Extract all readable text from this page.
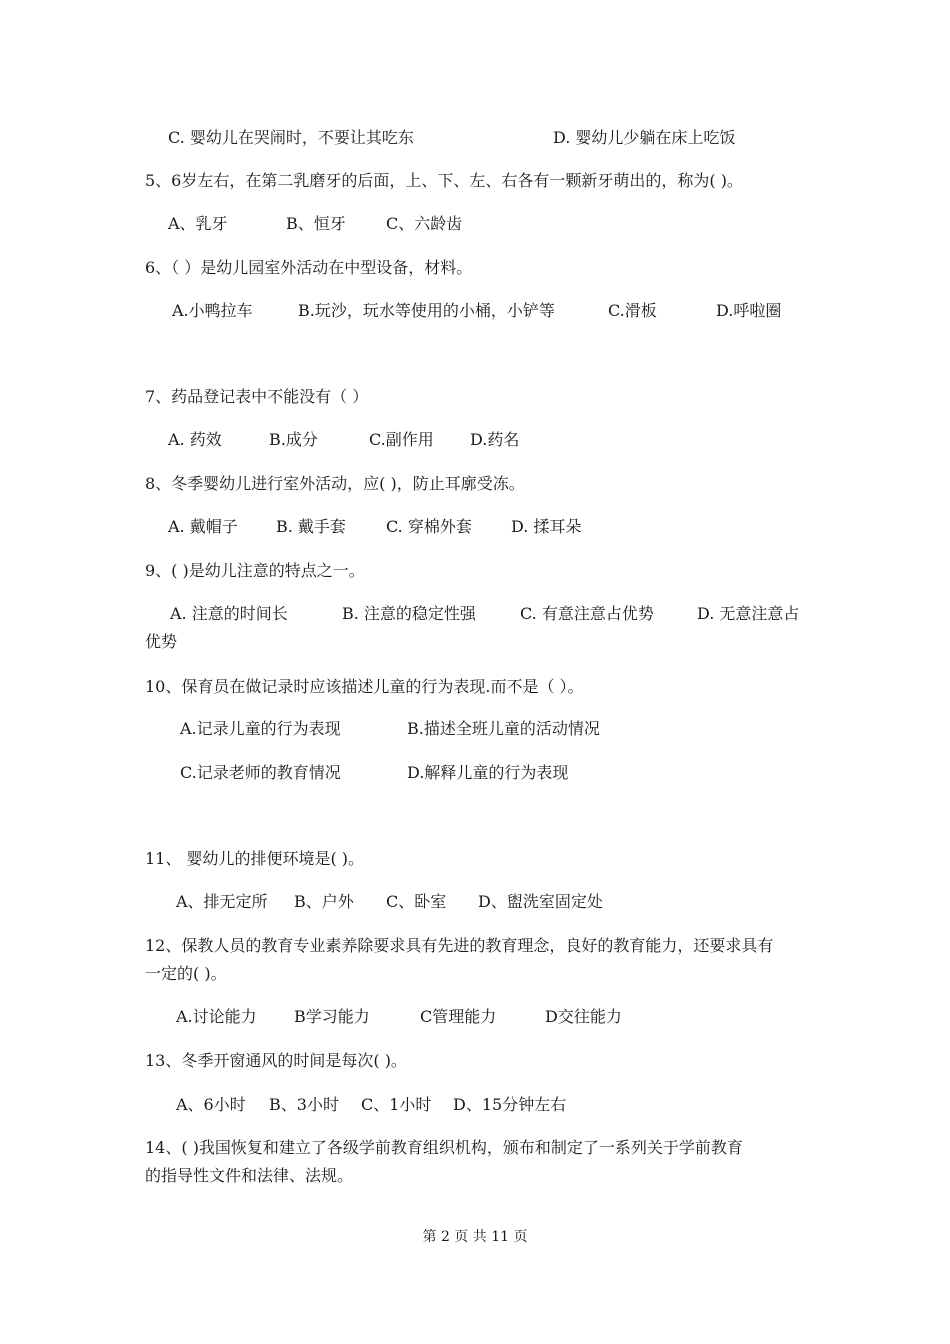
C. 婴幼儿在哭闹时，不要让其吃东	D. 婴幼儿少躺在床上吃饭
5、6岁左右，在第二乳磨牙的后面，上、下、左、右各有一颗新牙萌出的，称为( )。
A、乳牙	B、恒牙	C、六龄齿
6、（ ）是幼儿园室外活动在中型设备，材料。
A.小鸭拉车	B.玩沙，玩水等使用的小桶，小铲等	C.滑板	D.呼啦圈
7、药品登记表中不能没有（ ）
A. 药效	B.成分	C.副作用 D.药名
8、冬季婴幼儿进行室外活动，应( )，防止耳廓受冻。
A. 戴帽子 B. 戴手套	C. 穿棉外套 D. 揉耳朵
9、( )是幼儿注意的特点之一。
A. 注意的时间长	B. 注意的稳定性强	C. 有意注意占优势	D. 无意注意占
优势
10、保育员在做记录时应该描述儿童的行为表现.而不是（ ）。
A.记录儿童的行为表现	B.描述全班儿童的活动情况
C.记录老师的教育情况	D.解释儿童的行为表现
11、 婴幼儿的排便环境是( )。
A、排无定所 B、户外 C、卧室 D、盥洗室固定处
12、保教人员的教育专业素养除要求具有先进的教育理念，良好的教育能力，还要求具有
一定的( )。
A.讨论能力 B学习能力	C管理能力	D交往能力
13、冬季开窗通风的时间是每次( )。
A、6小时 B、3小时 C、1小时 D、15分钟左右
14、( )我国恢复和建立了各级学前教育组织机构，颁布和制定了一系列关于学前教育
的指导性文件和法律、法规。
第 2 页 共 11 页
